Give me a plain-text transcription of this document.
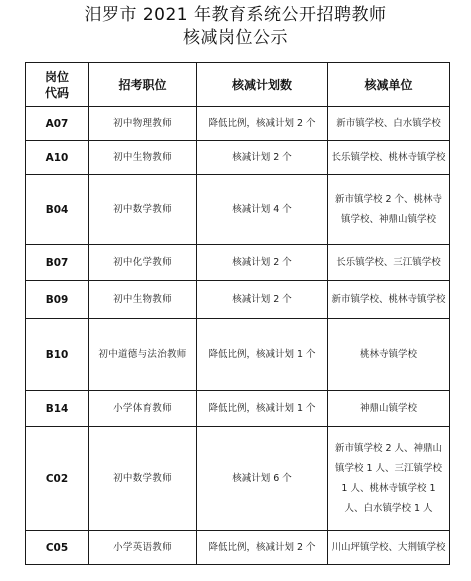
汨罗市 2021 年教育系统公开招聘教师
核减岗位公示
岗位
代码	招考职位	核减计划数	核减单位
A07	初中物理教师	降低比例，核减计划 2 个	新市镇学校、白水镇学校
A10	初中生物教师	核减计划 2 个	长乐镇学校、桃林寺镇学校
B04	初中数学教师	核减计划 4 个	新市镇学校 2 个、桃林寺镇学校、神鼎山镇学校
B07	初中化学教师	核减计划 2 个	长乐镇学校、三江镇学校
B09	初中生物教师	核减计划 2 个	新市镇学校、桃林寺镇学校
B10	初中道德与法治教师	降低比例，核减计划 1 个	桃林寺镇学校
B14	小学体育教师	降低比例，核减计划 1 个	神鼎山镇学校
C02	初中数学教师	核减计划 6 个	新市镇学校 2 人、神鼎山镇学校 1 人、三江镇学校 1 人、桃林寺镇学校 1 人、白水镇学校 1 人
C05	小学英语教师	降低比例，核减计划 2 个	川山坪镇学校、大荆镇学校
